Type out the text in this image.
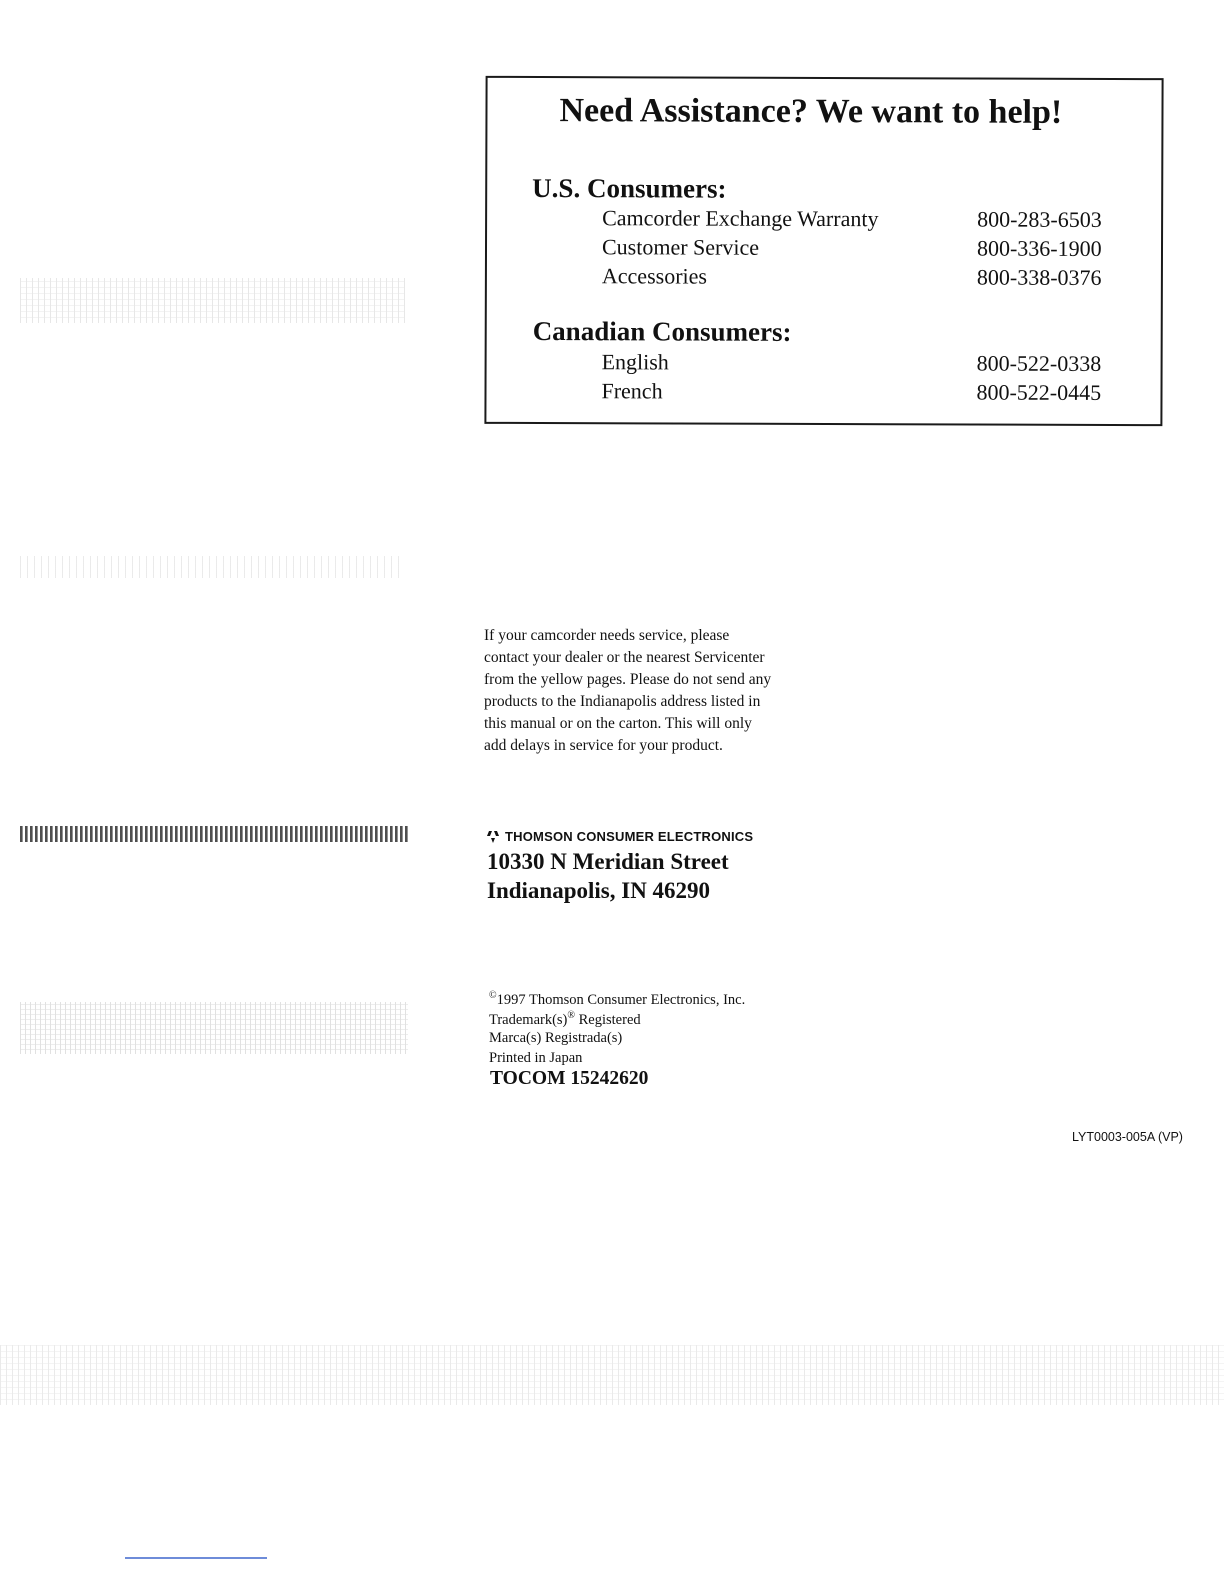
Need Assistance? We want to help!
U.S. Consumers:
Camcorder Exchange Warranty	800-283-6503
Customer Service	800-336-1900
Accessories	800-338-0376
Canadian Consumers:
English	800-522-0338
French	800-522-0445
If your camcorder needs service, please
contact your dealer or the nearest Servicenter
from the yellow pages. Please do not send any
products to the Indianapolis address listed in
this manual or on the carton. This will only
add delays in service for your product.
THOMSON CONSUMER ELECTRONICS
10330 N Meridian Street
Indianapolis, IN 46290
©1997 Thomson Consumer Electronics, Inc.
Trademark(s)® Registered
Marca(s) Registrada(s)
Printed in Japan
TOCOM 15242620
LYT0003-005A (VP)
